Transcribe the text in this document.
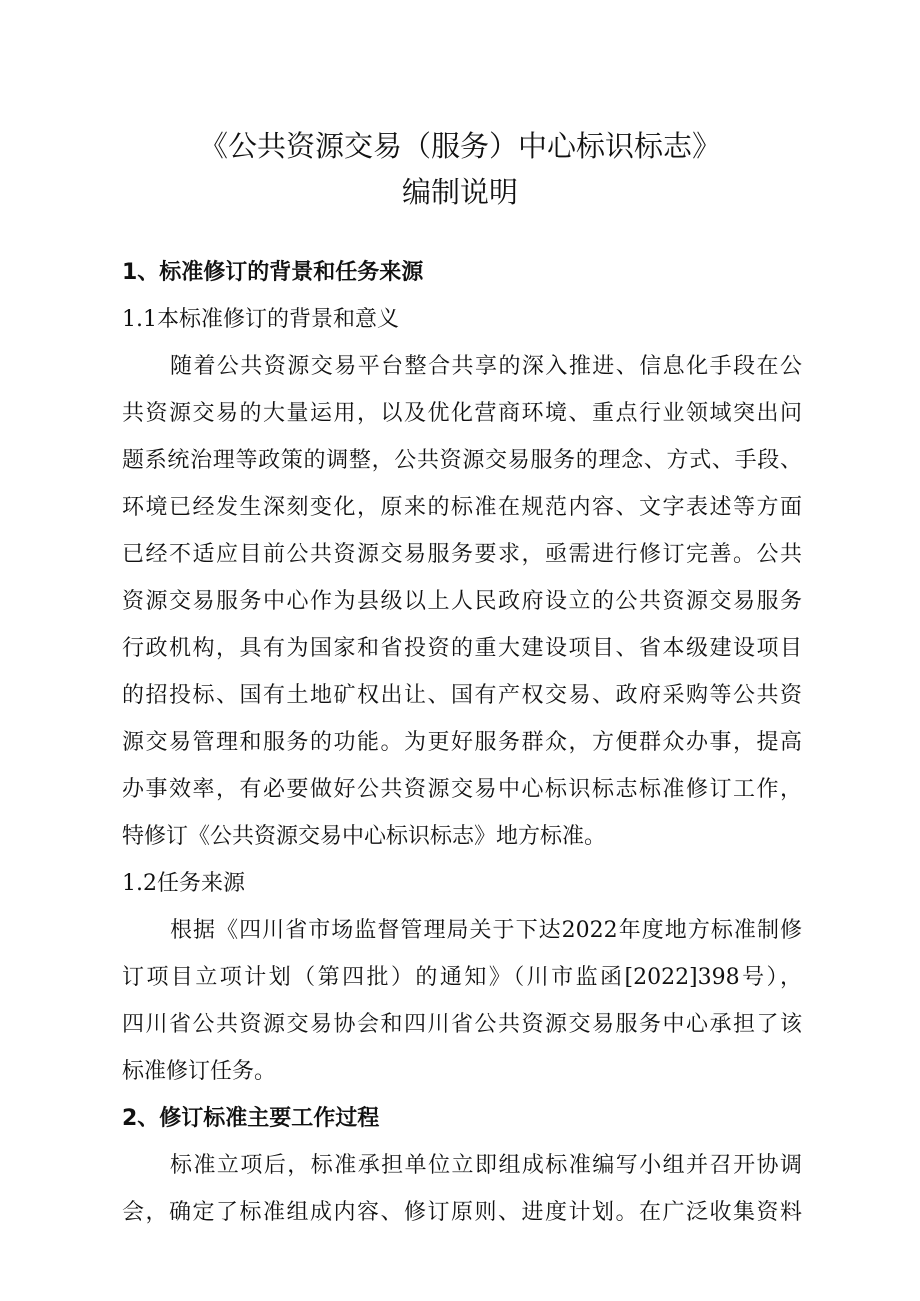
《公共资源交易（服务）中心标识标志》
编制说明

1、标准修订的背景和任务来源

1.1本标准修订的背景和意义

随着公共资源交易平台整合共享的深入推进、信息化手段在公

共资源交易的大量运用，以及优化营商环境、重点行业领域突出问

题系统治理等政策的调整，公共资源交易服务的理念、方式、手段、

环境已经发生深刻变化，原来的标准在规范内容、文字表述等方面

已经不适应目前公共资源交易服务要求，亟需进行修订完善。公共

资源交易服务中心作为县级以上人民政府设立的公共资源交易服务

行政机构，具有为国家和省投资的重大建设项目、省本级建设项目

的招投标、国有土地矿权出让、国有产权交易、政府采购等公共资

源交易管理和服务的功能。为更好服务群众，方便群众办事，提高

办事效率，有必要做好公共资源交易中心标识标志标准修订工作，

特修订《公共资源交易中心标识标志》地方标准。

1.2任务来源

根据《四川省市场监督管理局关于下达2022年度地方标准制修

订项目立项计划（第四批）的通知》（川市监函[2022]398号），

四川省公共资源交易协会和四川省公共资源交易服务中心承担了该

标准修订任务。

2、修订标准主要工作过程

标准立项后，标准承担单位立即组成标准编写小组并召开协调

会，确定了标准组成内容、修订原则、进度计划。在广泛收集资料
